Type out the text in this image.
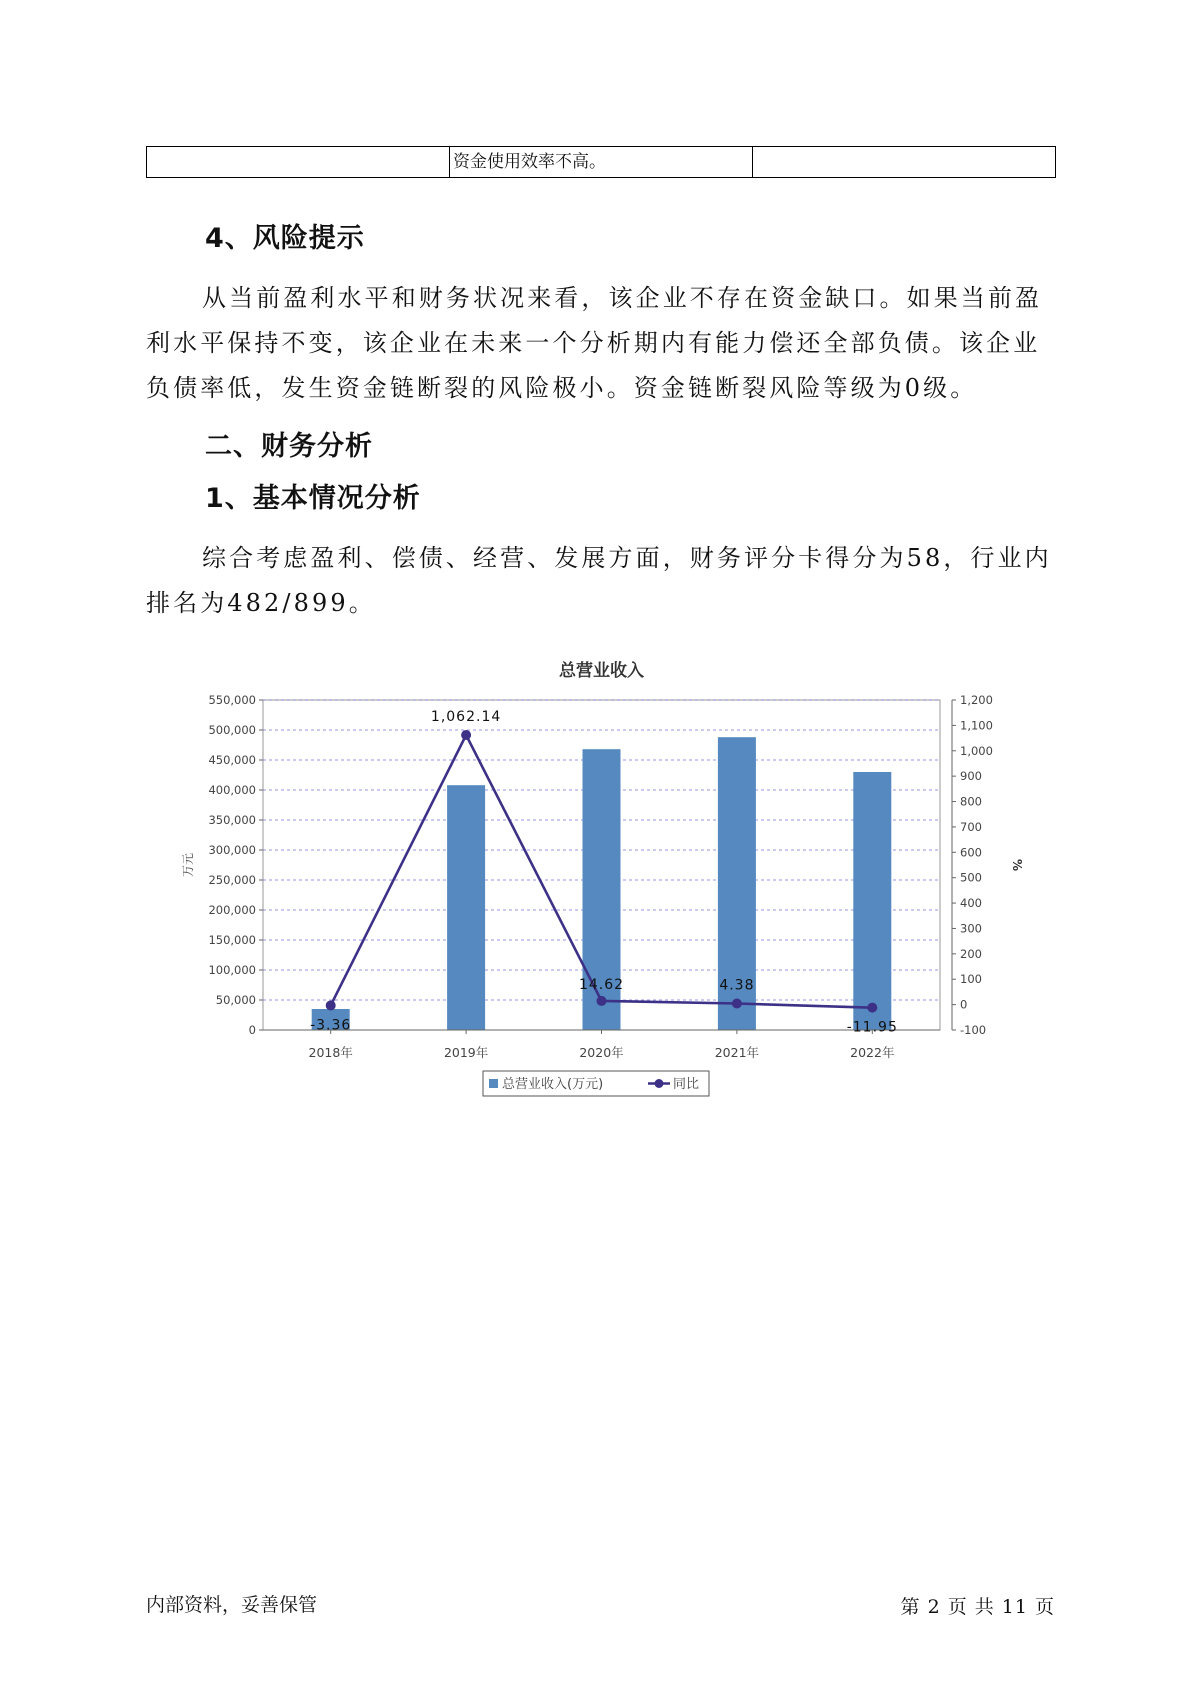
资金使用效率不高。
4、风险提示

从当前盈利水平和财务状况来看，该企业不存在资金缺口。如果当前盈利水平保持不变，该企业在未来一个分析期内有能力偿还全部负债。该企业负债率低，发生资金链断裂的风险极小。资金链断裂风险等级为0级。

二、财务分析
1、基本情况分析

综合考虑盈利、偿债、经营、发展方面，财务评分卡得分为58，行业内排名为482/899。

总营业收入
0
50,000
100,000
150,000
200,000
250,000
300,000
350,000
400,000
450,000
500,000
550,000
-100
0
100
200
300
400
500
600
700
800
900
1,000
1,100
1,200
万元	%
2018年	2019年	2020年	2021年	2022年
-3.36
1,062.14
14.62	4.38
-11.95
总营业收入(万元)	同比
内部资料，妥善保管	第 2 页 共 11 页
